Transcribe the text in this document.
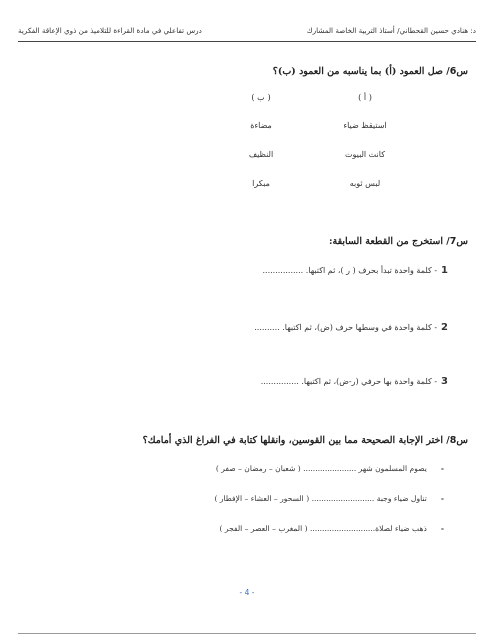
د: هنادي حسين القحطاني/ أستاذ التربية الخاصة المشارك
درس تفاعلي في مادة القراءة للتلاميذ من ذوي الإعاقة الفكرية
س6/ صل العمود (أ) بما يناسبه من العمود (ب)؟
( أ )
( ب )
استيقظ ضياء
مضاءة
كانت البيوت
النظيف
لبس ثوبه
مبكرا
س7/ استخرج من القطعة السابقة:
1- كلمة واحدة تبدأ بحرف ( ر )، ثم اكتبها. ................
2- كلمة واحدة في وسطها حرف (ض)، ثم اكتبها. ..........
3- كلمة واحدة بها حرفي (ر-ض)، ثم اكتبها. ...............
س8/ اختر الإجابة الصحيحة مما بين القوسين، وانقلها كتابة في الفراغ الذي أمامك؟
-يصوم المسلمون شهر ...................... ( شعبان – رمضان – صفر )
-تناول ضياء وجبة .......................... ( السحور – العشاء – الإفطار )
-ذهب ضياء لصلاة........................... ( المغرب – العصر – الفجر )
- 4 -
